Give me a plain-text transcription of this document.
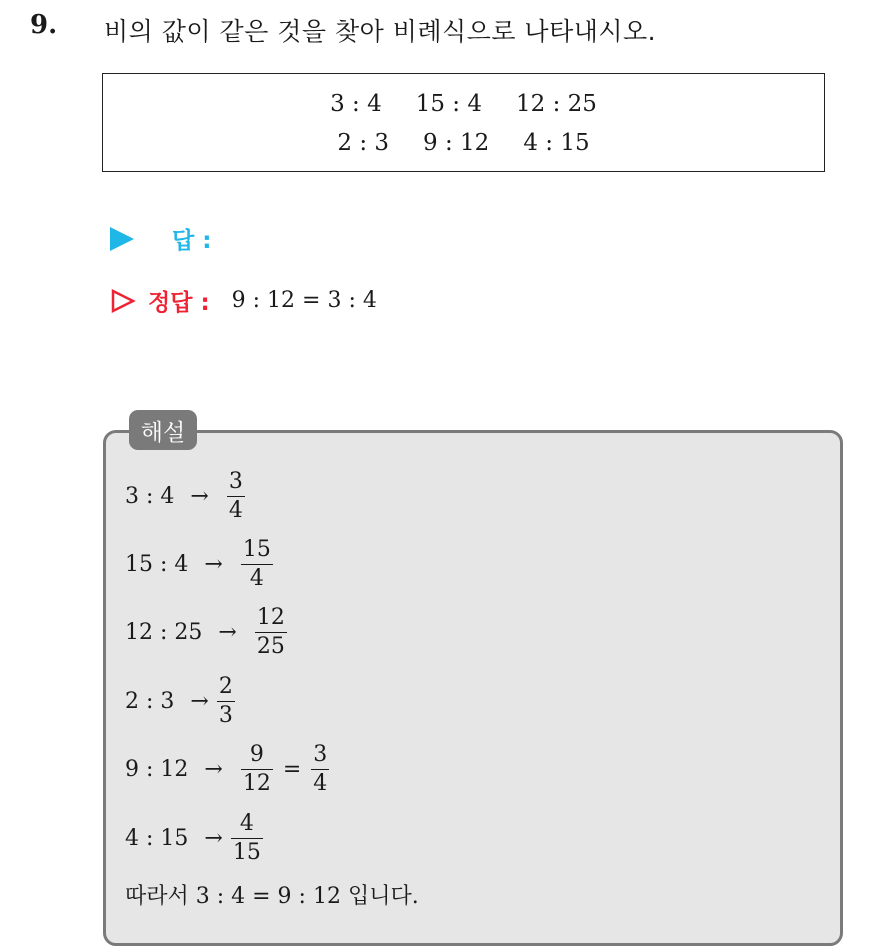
9. 비의 값이 같은 것을 찾아 비례식으로 나타내시오.
3 : 4 15 : 4 12 : 25
2 : 3 9 : 12 4 : 15
답 :
정답 : 9 : 12 = 3 : 4
해설
3 : $4 \to \frac{3}{4}$
15 : $4 \to \frac{15}{4}$
12 : $25 \to \frac{12}{25}$
2 : $3 \to \frac{2}{3}$
9 : $12 \to \frac{9}{12} = \frac{3}{4}$
4 : $15 \to \frac{4}{15}$
따라서 3 : 4 = 9 : 12 입니다.
